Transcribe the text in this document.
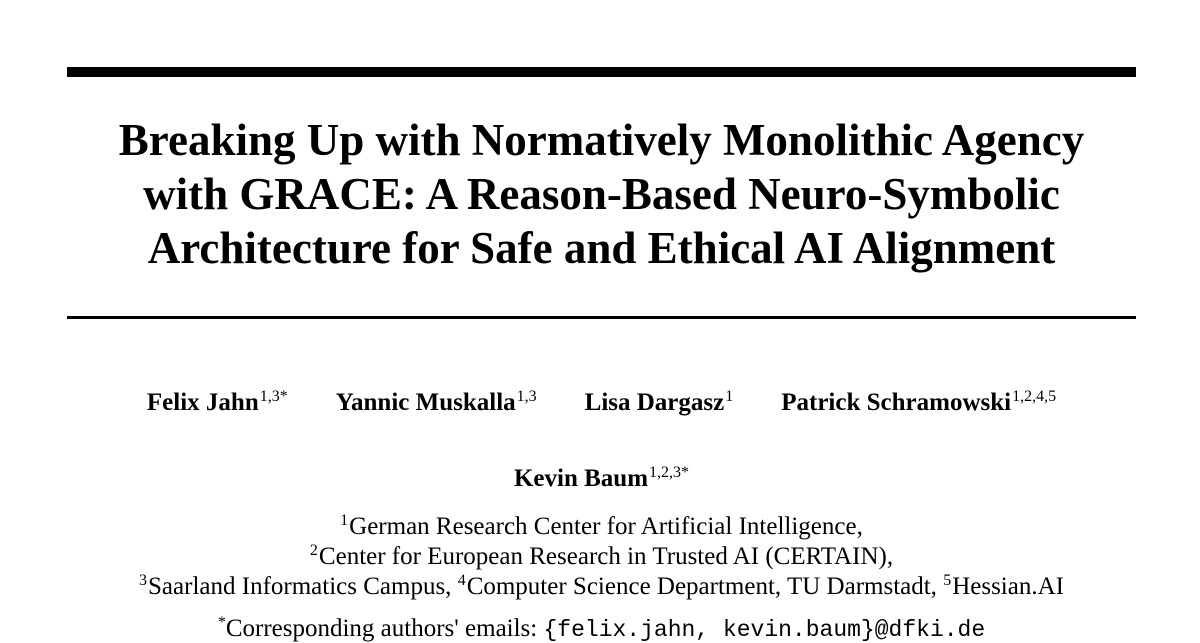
Breaking Up with Normatively Monolithic Agency
with GRACE: A Reason-Based Neuro-Symbolic
Architecture for Safe and Ethical AI Alignment
Felix Jahn$^{1,3*}$ Yannic Muskalla$^{1,3}$ Lisa Dargasz$^1$ Patrick Schramowski$^{1,2,4,5}$
Kevin Baum$^{1,2,3*}$
$^1$German Research Center for Artificial Intelligence,
$^2$Center for European Research in Trusted AI (CERTAIN),
$^3$Saarland Informatics Campus, $^4$Computer Science Department, TU Darmstadt, $^5$Hessian.AI
*Corresponding authors' emails: {felix.jahn, kevin.baum}@dfki.de
